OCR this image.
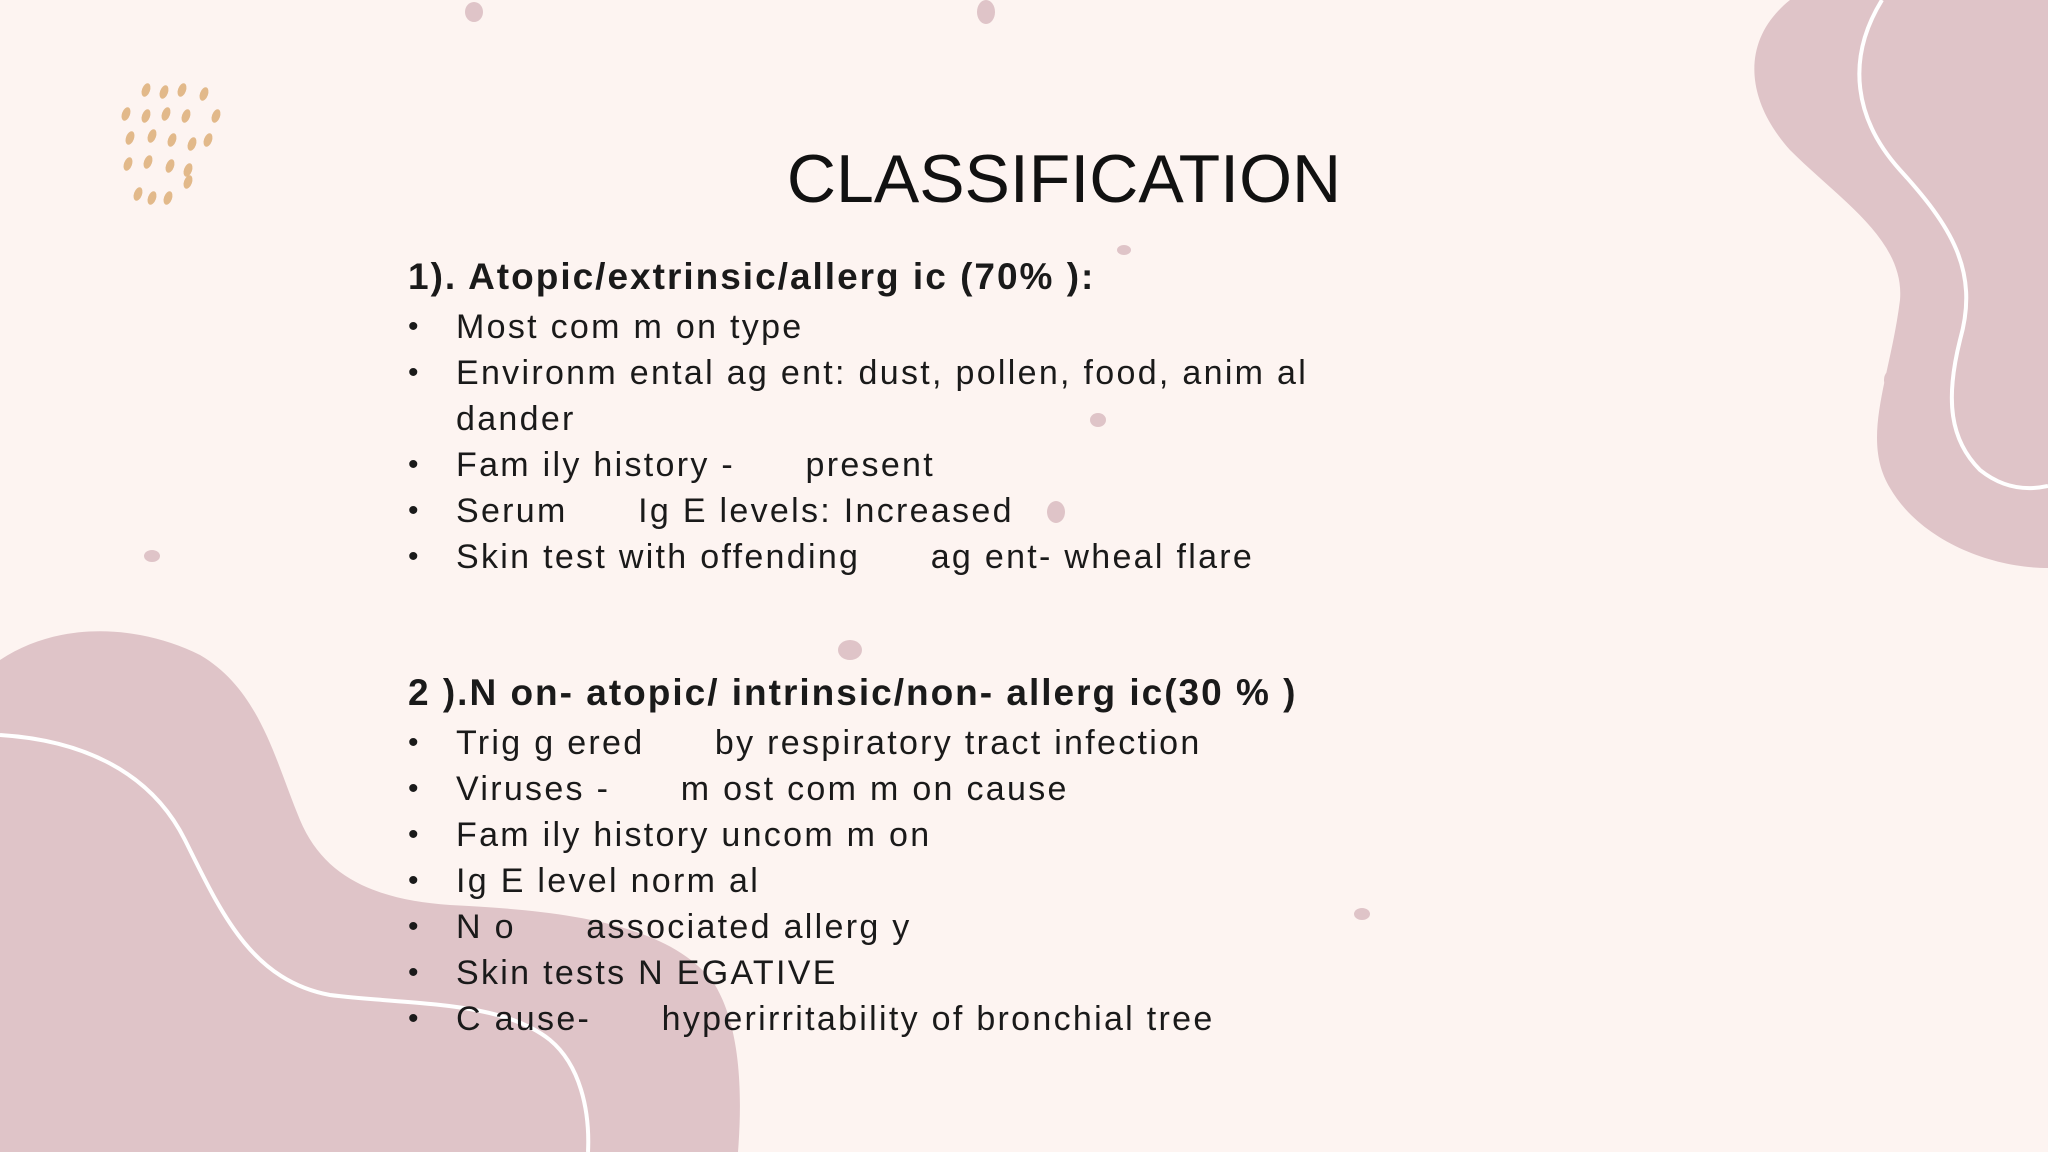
CLASSIFICATION
1). Atopic/extrinsic/allerg ic (70% ):
• Most com m on type
• Environm ental ag ent: dust, pollen, food, anim al dander
• Fam ily history -      present
• Serum      Ig E levels: Increased
• Skin test with offending      ag ent- wheal flare
2 ).N on- atopic/ intrinsic/non- allerg ic(30 % )
• Trig g ered      by respiratory tract infection
• Viruses -      m ost com m on cause
• Fam ily history uncom m on
• Ig E level norm al
• N o      associated allerg y
• Skin tests N EGATIVE
• C ause-      hyperirritability of bronchial tree
